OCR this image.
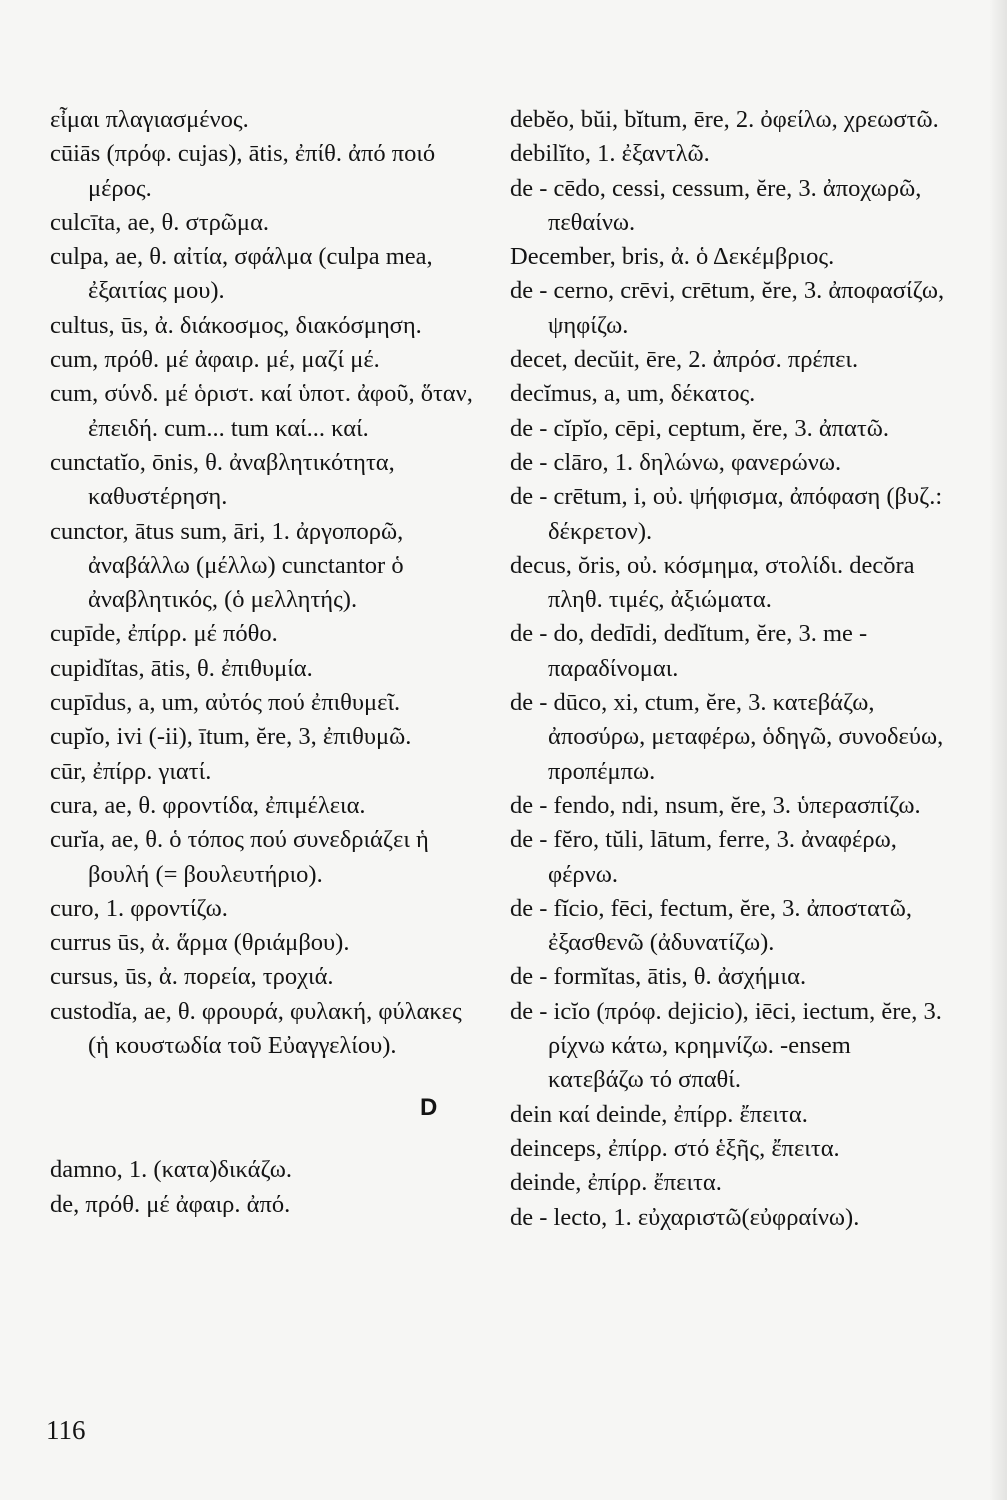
εἶμαι πλαγιασμένος.

cūiās (πρόφ. cujas), ātis, ἐπίθ. ἀπό ποιό μέρος.

culcīta, ae, θ. στρῶμα.

culpa, ae, θ. αἰτία, σφάλμα (culpa mea, ἐξαιτίας μου).

cultus, ūs, ἀ. διάκοσμος, διακόσμηση.

cum, πρόθ. μέ ἀφαιρ. μέ, μαζί μέ.

cum, σύνδ. μέ ὁριστ. καί ὑποτ. ἀφοῦ, ὅταν, ἐπειδή. cum... tum καί... καί.

cunctatĭo, ōnis, θ. ἀναβλητικότητα, καθυστέρηση.

cunctor, ātus sum, āri, 1. ἀργοπορῶ, ἀναβάλλω (μέλλω) cunctantor ὁ ἀναβλητικός, (ὁ μελλητής).

cupīde, ἐπίρρ. μέ πόθο.

cupidĭtas, ātis, θ. ἐπιθυμία.

cupīdus, a, um, αὐτός πού ἐπιθυμεῖ.

cupĭo, ivi (-ii), ītum, ĕre, 3, ἐπιθυμῶ.

cūr, ἐπίρρ. γιατί.

cura, ae, θ. φροντίδα, ἐπιμέλεια.

curĭa, ae, θ. ὁ τόπος πού συνεδριάζει ἡ βουλή (= βουλευτήριο).

curo, 1. φροντίζω.

currus ūs, ἀ. ἅρμα (θριάμβου).

cursus, ūs, ἀ. πορεία, τροχιά.

custodĭa, ae, θ. φρουρά, φυλακή, φύλακες (ἡ κουστωδία τοῦ Εὐαγγελίου).

D

damno, 1. (κατα)δικάζω.

de, πρόθ. μέ ἀφαιρ. ἀπό.

debĕo, bŭi, bĭtum, ēre, 2. ὀφείλω, χρεωστῶ.

debilĭto, 1. ἐξαντλῶ.

de - cēdo, cessi, cessum, ĕre, 3. ἀποχωρῶ, πεθαίνω.

December, bris, ἀ. ὁ Δεκέμβριος.

de - cerno, crēvi, crētum, ĕre, 3. ἀποφασίζω, ψηφίζω.

decet, decŭit, ēre, 2. ἀπρόσ. πρέπει.

decĭmus, a, um, δέκατος.

de - cĭpĭo, cēpi, ceptum, ĕre, 3. ἀπατῶ.

de - clāro, 1. δηλώνω, φανερώνω.

de - crētum, i, οὐ. ψήφισμα, ἀπόφαση (βυζ.: δέκρετον).

decus, ŏris, οὐ. κόσμημα, στολίδι. decŏra πληθ. τιμές, ἀξιώματα.

de - do, dedīdi, dedĭtum, ĕre, 3. me - παραδίνομαι.

de - dūco, xi, ctum, ĕre, 3. κατεβάζω, ἀποσύρω, μεταφέρω, ὁδηγῶ, συνοδεύω, προπέμπω.

de - fendo, ndi, nsum, ĕre, 3. ὑπερασπίζω.

de - fĕro, tŭli, lātum, ferre, 3. ἀναφέρω, φέρνω.

de - fĭcio, fēci, fectum, ĕre, 3. ἀποστατῶ, ἐξασθενῶ (ἀδυνατίζω).

de - formĭtas, ātis, θ. ἀσχήμια.

de - icĭo (πρόφ. dejicio), iēci, iectum, ĕre, 3. ρίχνω κάτω, κρημνίζω. -ensem κατεβάζω τό σπαθί.

dein καί deinde, ἐπίρρ. ἔπειτα.

deinceps, ἐπίρρ. στό ἑξῆς, ἔπειτα.

deinde, ἐπίρρ. ἔπειτα.

de - lecto, 1. εὐχαριστῶ(εὐφραίνω).

116
